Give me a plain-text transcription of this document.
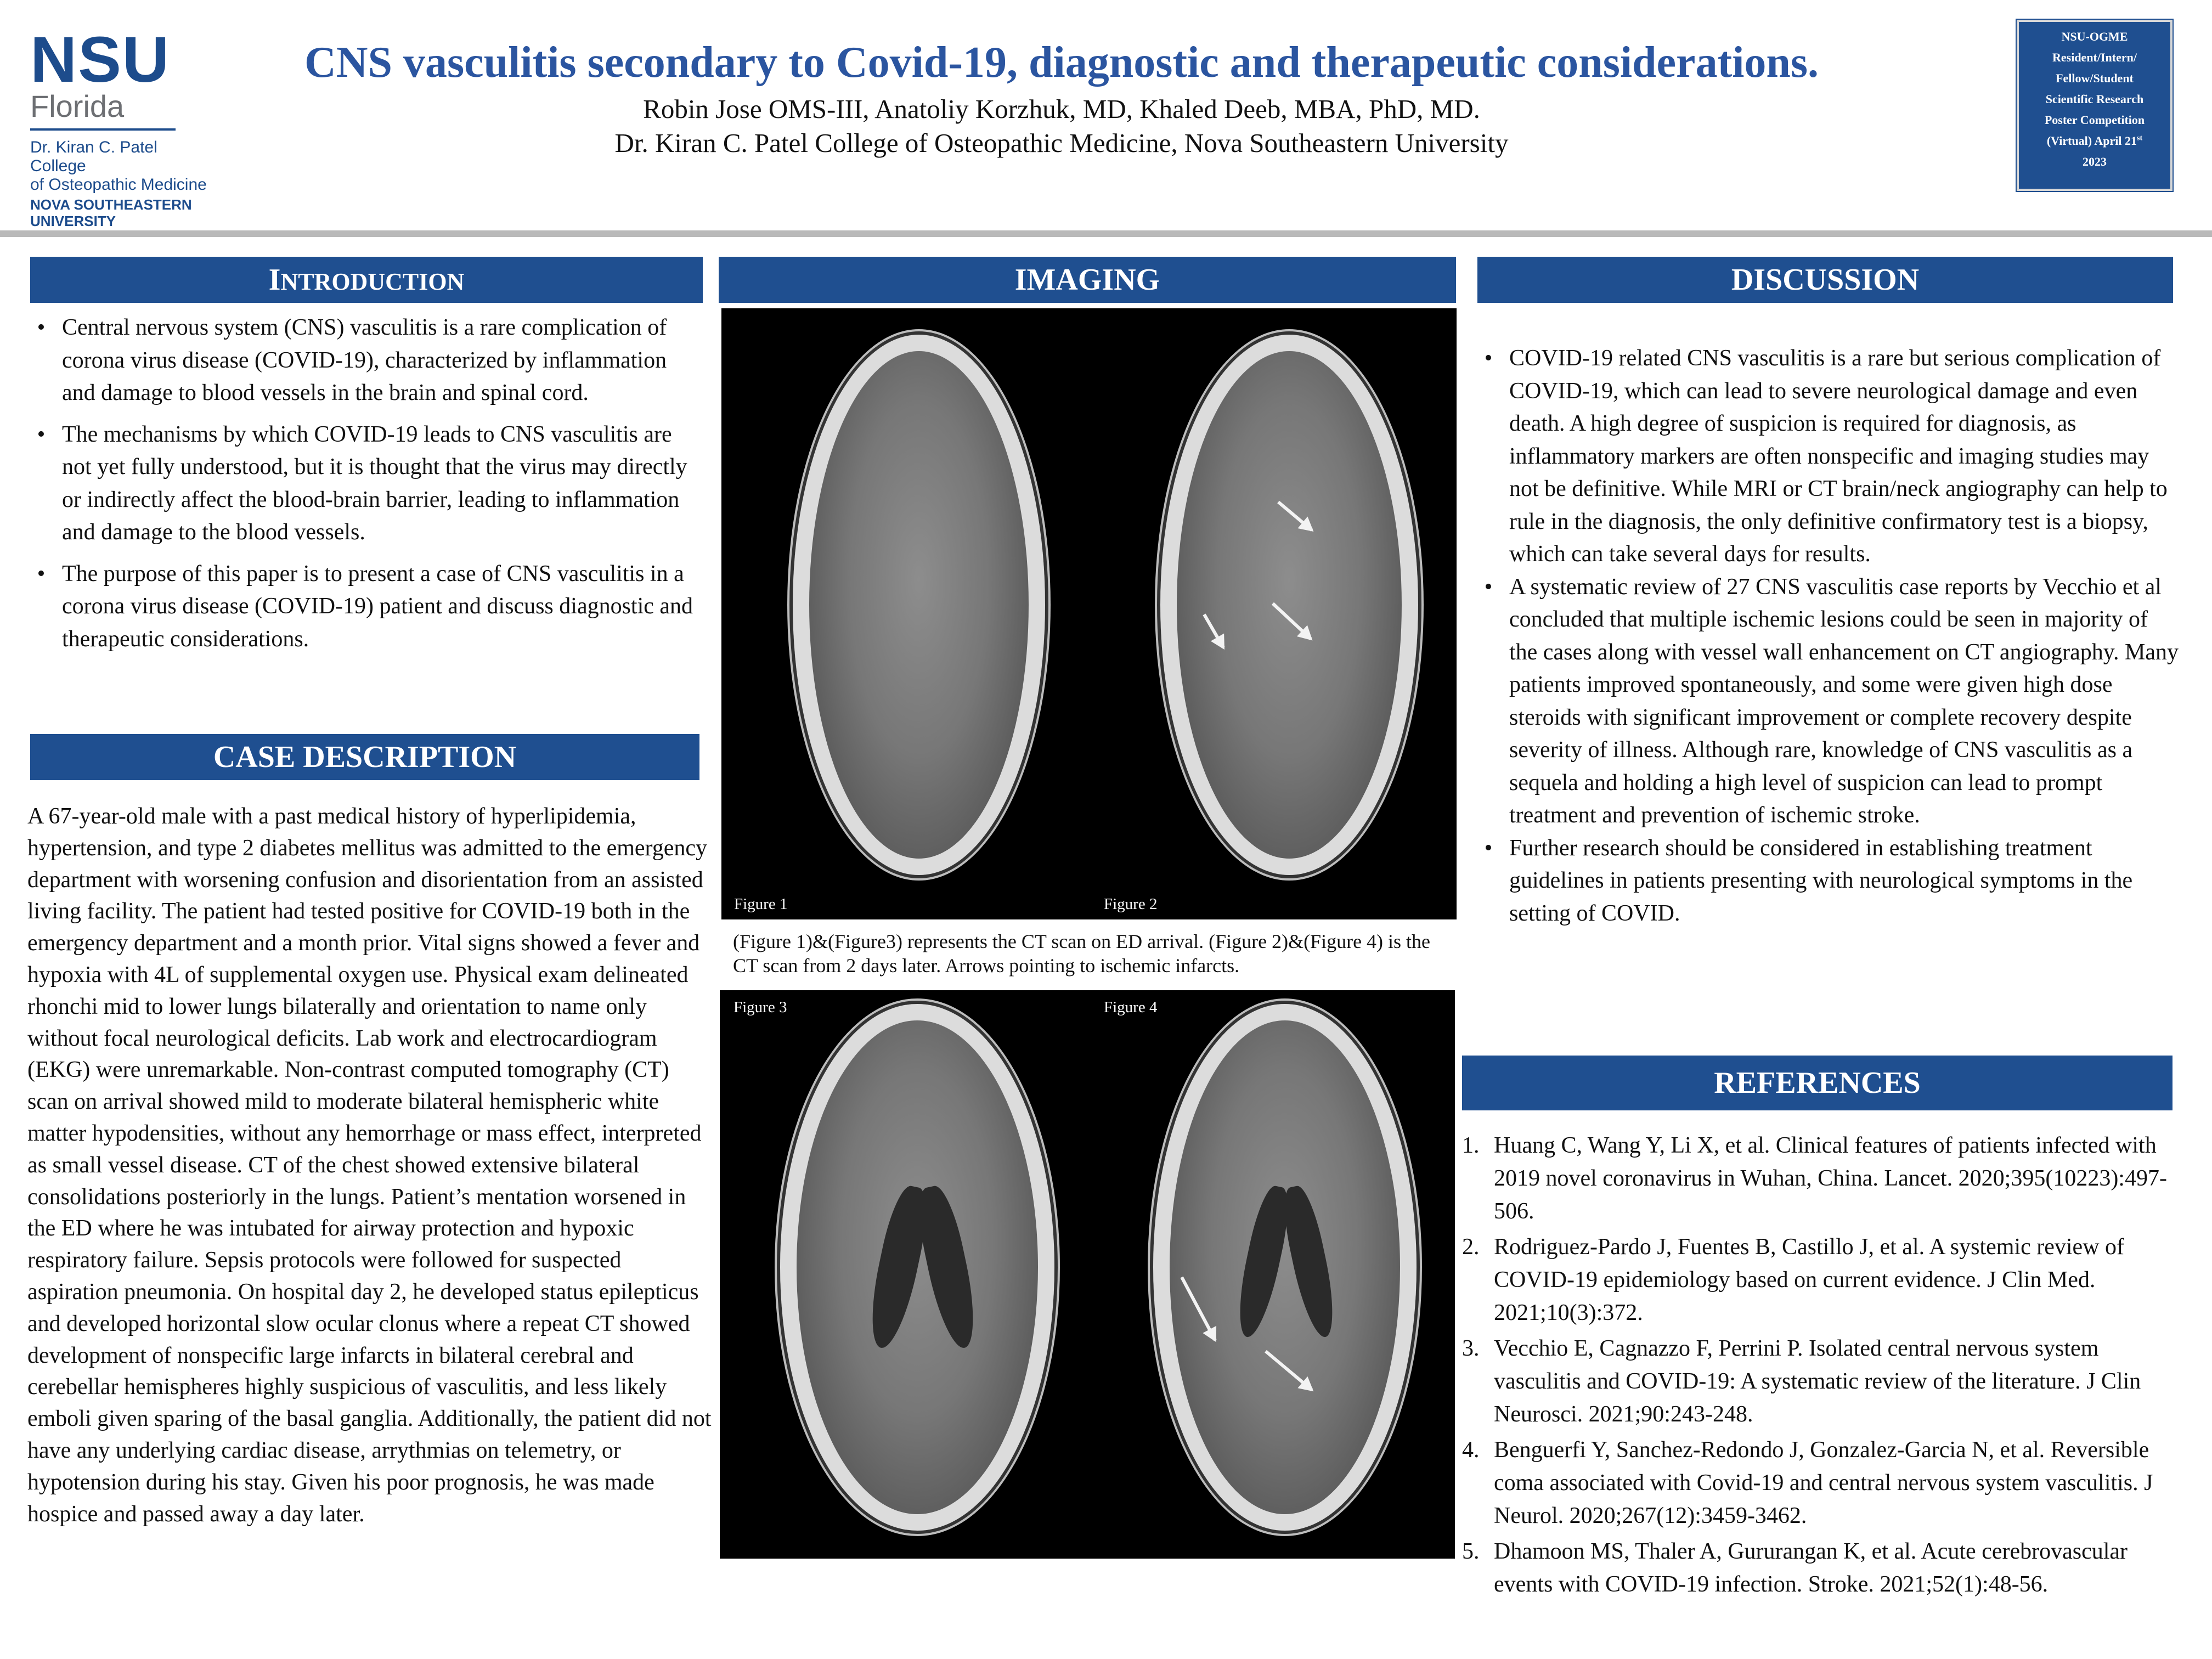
NSU
Florida
Dr. Kiran C. Patel College
of Osteopathic Medicine
NOVA SOUTHEASTERN
UNIVERSITY
CNS vasculitis secondary to Covid-19, diagnostic and therapeutic considerations.
Robin Jose OMS-III, Anatoliy Korzhuk, MD, Khaled Deeb, MBA, PhD, MD.
Dr. Kiran C. Patel College of Osteopathic Medicine, Nova Southeastern University
NSU-OGME
Resident/Intern/
Fellow/Student
Scientific Research
Poster Competition
(Virtual) April 21st
2023
INTRODUCTION
• Central nervous system (CNS) vasculitis is a rare complication of corona virus disease (COVID-19), characterized by inflammation and damage to blood vessels in the brain and spinal cord.
• The mechanisms by which COVID-19 leads to CNS vasculitis are not yet fully understood, but it is thought that the virus may directly or indirectly affect the blood-brain barrier, leading to inflammation and damage to the blood vessels.
• The purpose of this paper is to present a case of CNS vasculitis in a corona virus disease (COVID-19) patient and discuss diagnostic and therapeutic considerations.
CASE DESCRIPTION
A 67-year-old male with a past medical history of hyperlipidemia, hypertension, and type 2 diabetes mellitus was admitted to the emergency department with worsening confusion and disorientation from an assisted living facility. The patient had tested positive for COVID-19 both in the emergency department and a month prior. Vital signs showed a fever and hypoxia with 4L of supplemental oxygen use. Physical exam delineated rhonchi mid to lower lungs bilaterally and orientation to name only without focal neurological deficits. Lab work and electrocardiogram (EKG) were unremarkable. Non-contrast computed tomography (CT) scan on arrival showed mild to moderate bilateral hemispheric white matter hypodensities, without any hemorrhage or mass effect, interpreted as small vessel disease. CT of the chest showed extensive bilateral consolidations posteriorly in the lungs. Patient’s mentation worsened in the ED where he was intubated for airway protection and hypoxic respiratory failure. Sepsis protocols were followed for suspected aspiration pneumonia. On hospital day 2, he developed status epilepticus and developed horizontal slow ocular clonus where a repeat CT showed development of nonspecific large infarcts in bilateral cerebral and cerebellar hemispheres highly suspicious of vasculitis, and less likely emboli given sparing of the basal ganglia. Additionally, the patient did not have any underlying cardiac disease, arrythmias on telemetry, or hypotension during his stay. Given his poor prognosis, he was made hospice and passed away a day later.
IMAGING
Figure 1	Figure 2
(Figure 1)&(Figure3) represents the CT scan on ED arrival. (Figure 2)&(Figure 4) is the CT scan from 2 days later. Arrows pointing to ischemic infarcts.
Figure 3	Figure 4
DISCUSSION
• COVID-19 related CNS vasculitis is a rare but serious complication of COVID-19, which can lead to severe neurological damage and even death. A high degree of suspicion is required for diagnosis, as inflammatory markers are often nonspecific and imaging studies may not be definitive. While MRI or CT brain/neck angiography can help to rule in the diagnosis, the only definitive confirmatory test is a biopsy, which can take several days for results.
• A systematic review of 27 CNS vasculitis case reports by Vecchio et al concluded that multiple ischemic lesions could be seen in majority of the cases along with vessel wall enhancement on CT angiography. Many patients improved spontaneously, and some were given high dose steroids with significant improvement or complete recovery despite severity of illness. Although rare, knowledge of CNS vasculitis as a sequela and holding a high level of suspicion can lead to prompt treatment and prevention of ischemic stroke.
• Further research should be considered in establishing treatment guidelines in patients presenting with neurological symptoms in the setting of COVID.
REFERENCES
1. Huang C, Wang Y, Li X, et al. Clinical features of patients infected with 2019 novel coronavirus in Wuhan, China. Lancet. 2020;395(10223):497-506.
2. Rodriguez-Pardo J, Fuentes B, Castillo J, et al. A systemic review of COVID-19 epidemiology based on current evidence. J Clin Med. 2021;10(3):372.
3. Vecchio E, Cagnazzo F, Perrini P. Isolated central nervous system vasculitis and COVID-19: A systematic review of the literature. J Clin Neurosci. 2021;90:243-248.
4. Benguerfi Y, Sanchez-Redondo J, Gonzalez-Garcia N, et al. Reversible coma associated with Covid-19 and central nervous system vasculitis. J Neurol. 2020;267(12):3459-3462.
5. Dhamoon MS, Thaler A, Gururangan K, et al. Acute cerebrovascular events with COVID-19 infection. Stroke. 2021;52(1):48-56.
